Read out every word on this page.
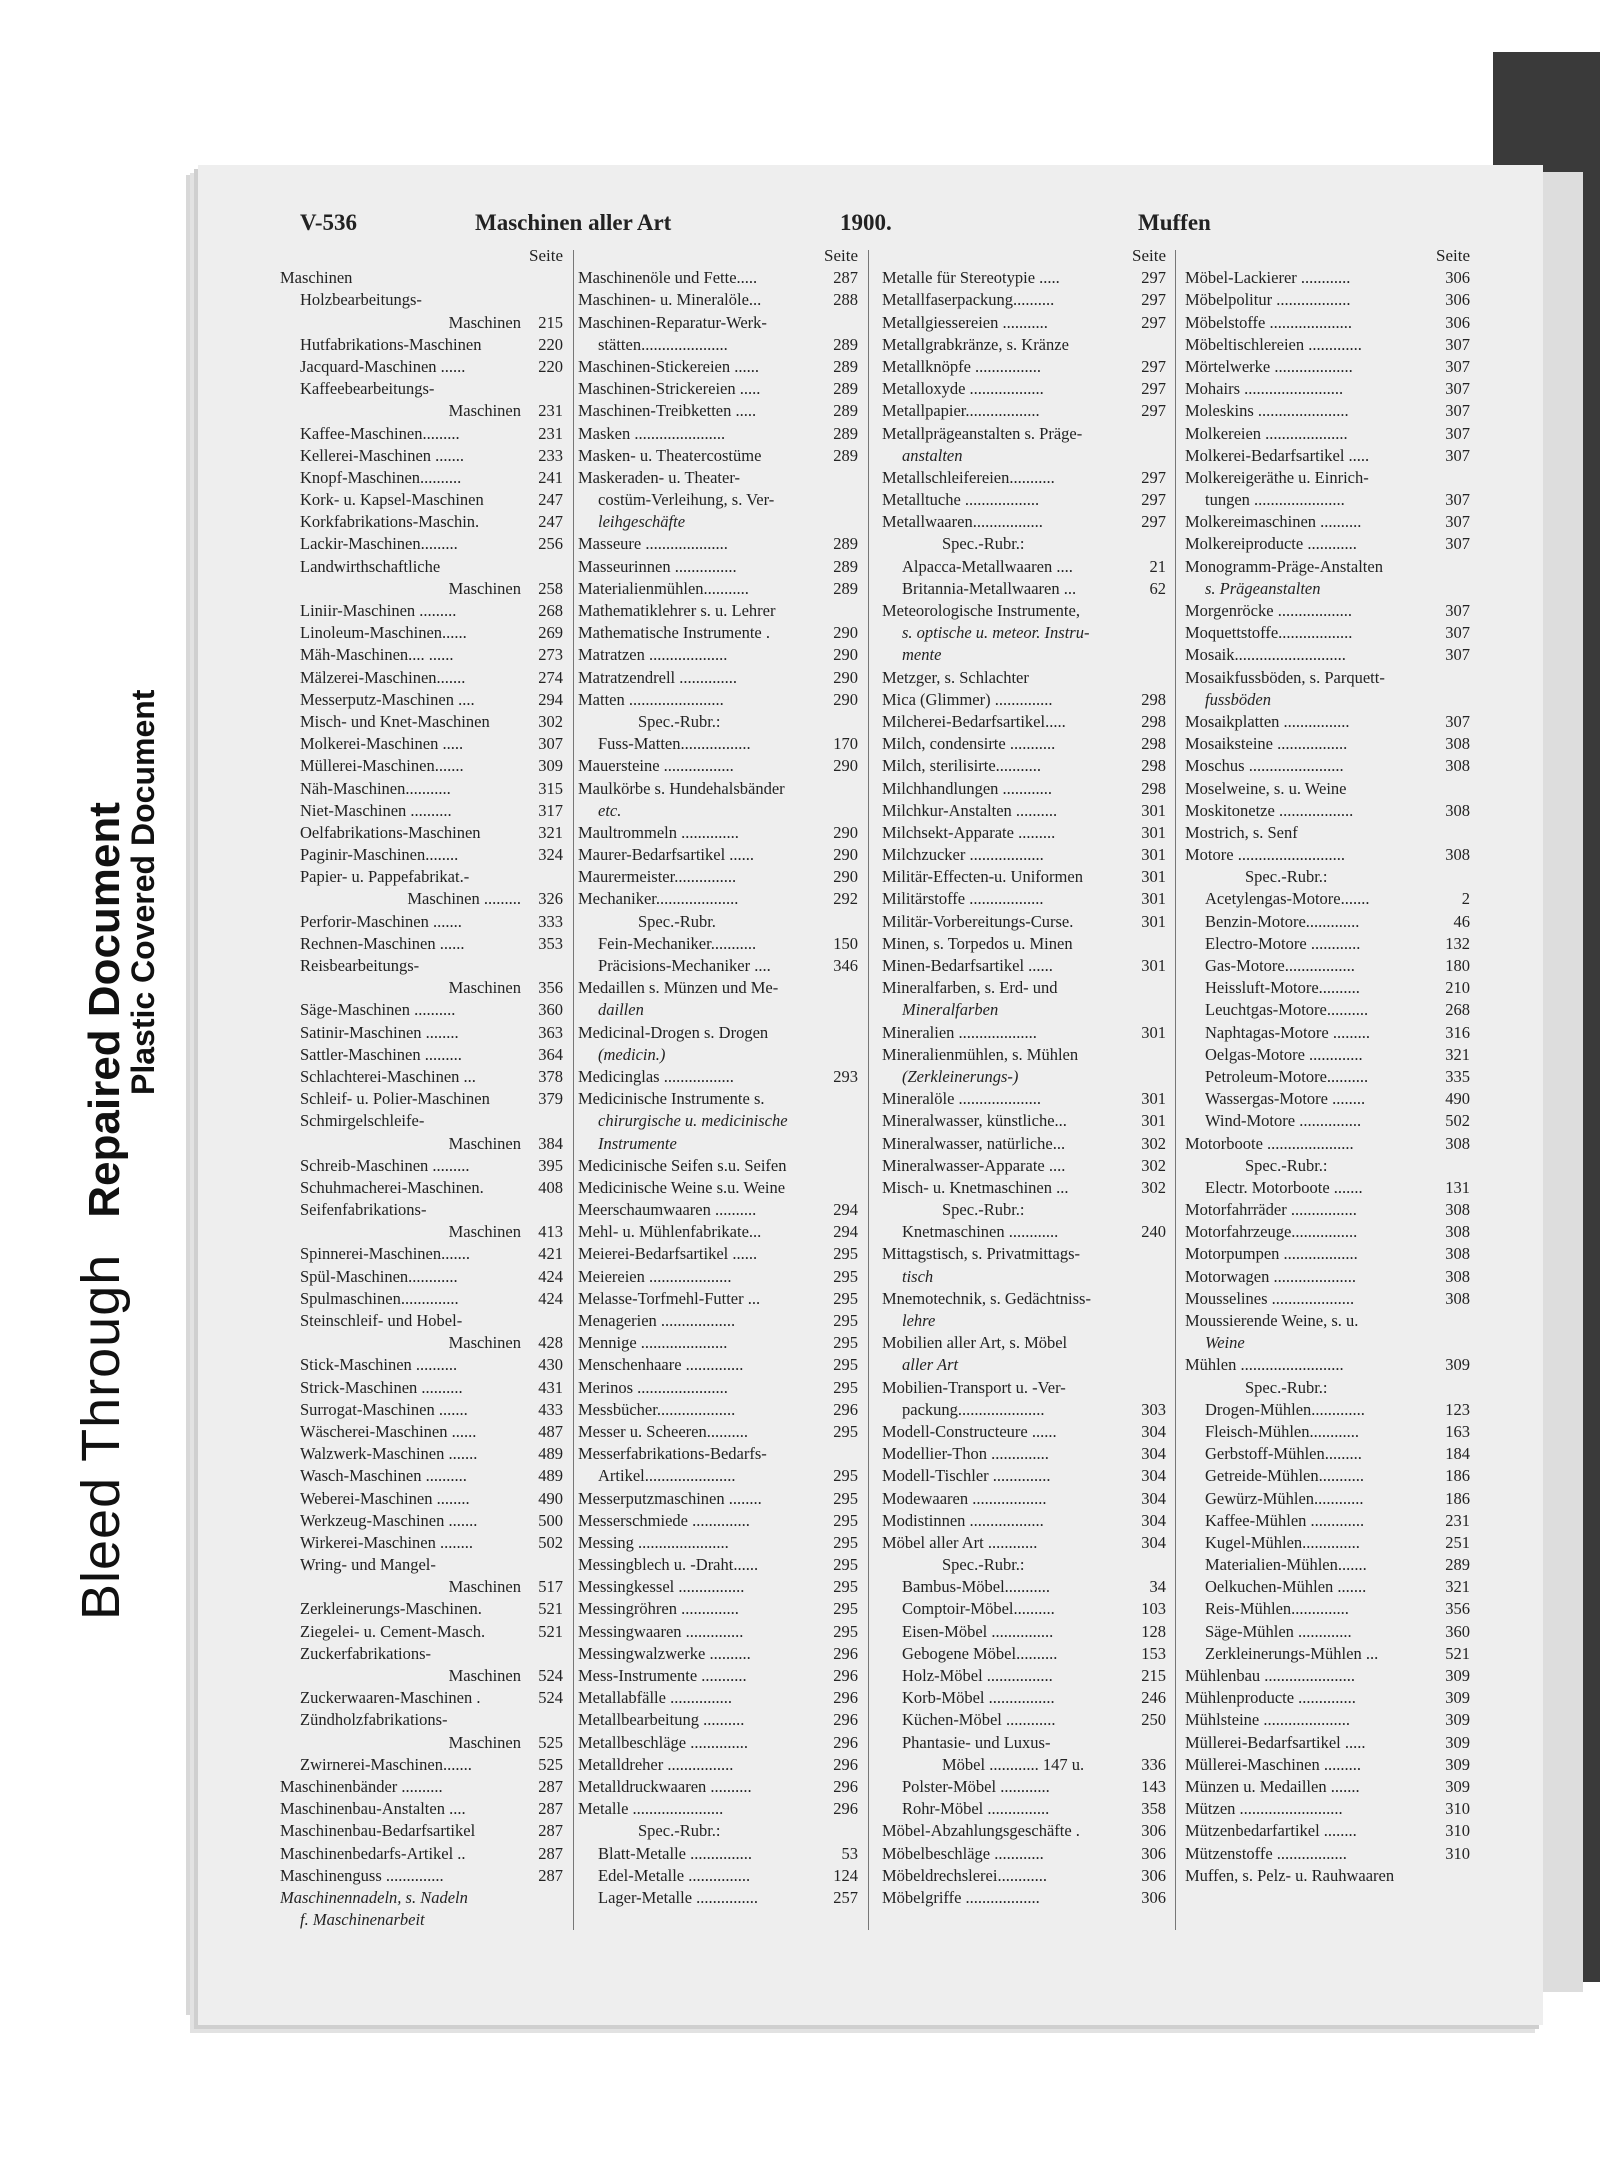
Bleed ThroughRepaired Document
Plastic Covered Document
V-536	Maschinen aller Art	1900.	Muffen
Seite
Maschinen
Holzbearbeitungs-
Maschinen 215
Hutfabrikations-Maschinen	220
Jacquard-Maschinen ......	220
Kaffeebearbeitungs-
Maschinen 231
Kaffee-Maschinen.........	231
Kellerei-Maschinen .......	233
Knopf-Maschinen..........	241
Kork- u. Kapsel-Maschinen	247
Korkfabrikations-Maschin.	247
Lackir-Maschinen.........	256
Landwirthschaftliche
Maschinen 258
Liniir-Maschinen .........	268
Linoleum-Maschinen......	269
Mäh-Maschinen.... ......	273
Mälzerei-Maschinen.......	274
Messerputz-Maschinen ....	294
Misch- und Knet-Maschinen	302
Molkerei-Maschinen .....	307
Müllerei-Maschinen.......	309
Näh-Maschinen...........	315
Niet-Maschinen ..........	317
Oelfabrikations-Maschinen	321
Paginir-Maschinen........	324
Papier- u. Pappefabrikat.-
Maschinen ......... 326
Perforir-Maschinen .......	333
Rechnen-Maschinen ......	353
Reisbearbeitungs-
Maschinen 356
Säge-Maschinen ..........	360
Satinir-Maschinen ........	363
Sattler-Maschinen .........	364
Schlachterei-Maschinen ...	378
Schleif- u. Polier-Maschinen	379
Schmirgelschleife-
Maschinen 384
Schreib-Maschinen .........	395
Schuhmacherei-Maschinen.	408
Seifenfabrikations-
Maschinen 413
Spinnerei-Maschinen.......	421
Spül-Maschinen............	424
Spulmaschinen..............	424
Steinschleif- und Hobel-
Maschinen 428
Stick-Maschinen ..........	430
Strick-Maschinen ..........	431
Surrogat-Maschinen .......	433
Wäscherei-Maschinen ......	487
Walzwerk-Maschinen .......	489
Wasch-Maschinen ..........	489
Weberei-Maschinen ........	490
Werkzeug-Maschinen .......	500
Wirkerei-Maschinen ........	502
Wring- und Mangel-
Maschinen 517
Zerkleinerungs-Maschinen.	521
Ziegelei- u. Cement-Masch.	521
Zuckerfabrikations-
Maschinen 524
Zuckerwaaren-Maschinen .	524
Zündholzfabrikations-
Maschinen 525
Zwirnerei-Maschinen.......	525
Maschinenbänder ..........	287
Maschinenbau-Anstalten ....	287
Maschinenbau-Bedarfsartikel	287
Maschinenbedarfs-Artikel ..	287
Maschinenguss ..............	287
Maschinennadeln, s. Nadeln
f. Maschinenarbeit
Seite
Maschinenöle und Fette.....	287
Maschinen- u. Mineralöle...	288
Maschinen-Reparatur-Werk-
stätten.....................	289
Maschinen-Stickereien ......	289
Maschinen-Strickereien .....	289
Maschinen-Treibketten .....	289
Masken ......................	289
Masken- u. Theatercostüme	289
Maskeraden- u. Theater-
costüm-Verleihung, s. Ver-
leihgeschäfte
Masseure ....................	289
Masseurinnen ...............	289
Materialienmühlen...........	289
Mathematiklehrer s. u. Lehrer
Mathematische Instrumente .	290
Matratzen ...................	290
Matratzendrell ..............	290
Matten .......................	290
Spec.-Rubr.:
Fuss-Matten.................	170
Mauersteine .................	290
Maulkörbe s. Hundehalsbänder
etc.
Maultrommeln ..............	290
Maurer-Bedarfsartikel ......	290
Maurermeister...............	290
Mechaniker....................	292
Spec.-Rubr.
Fein-Mechaniker...........	150
Präcisions-Mechaniker ....	346
Medaillen s. Münzen und Me-
daillen
Medicinal-Drogen s. Drogen
(medicin.)
Medicinglas .................	293
Medicinische Instrumente s.
chirurgische u. medicinische
Instrumente
Medicinische Seifen s.u. Seifen
Medicinische Weine s.u. Weine
Meerschaumwaaren ..........	294
Mehl- u. Mühlenfabrikate...	294
Meierei-Bedarfsartikel ......	295
Meiereien ....................	295
Melasse-Torfmehl-Futter ...	295
Menagerien ..................	295
Mennige .....................	295
Menschenhaare ..............	295
Merinos ......................	295
Messbücher...................	296
Messer u. Scheeren..........	295
Messerfabrikations-Bedarfs-
Artikel......................	295
Messerputzmaschinen ........	295
Messerschmiede ..............	295
Messing ......................	295
Messingblech u. -Draht......	295
Messingkessel ................	295
Messingröhren ..............	295
Messingwaaren ..............	295
Messingwalzwerke ..........	296
Mess-Instrumente ...........	296
Metallabfälle ...............	296
Metallbearbeitung ..........	296
Metallbeschläge ..............	296
Metalldreher ................	296
Metalldruckwaaren ..........	296
Metalle ......................	296
Spec.-Rubr.:
Blatt-Metalle ...............	53
Edel-Metalle ...............	124
Lager-Metalle ...............	257
Seite
Metalle für Stereotypie .....	297
Metallfaserpackung..........	297
Metallgiessereien ...........	297
Metallgrabkränze, s. Kränze
Metallknöpfe ................	297
Metalloxyde ..................	297
Metallpapier..................	297
Metallprägeanstalten s. Präge-
anstalten
Metallschleifereien...........	297
Metalltuche ..................	297
Metallwaaren.................	297
Spec.-Rubr.:
Alpacca-Metallwaaren ....	21
Britannia-Metallwaaren ...	62
Meteorologische Instrumente,
s. optische u. meteor. Instru-
mente
Metzger, s. Schlachter
Mica (Glimmer) ..............	298
Milcherei-Bedarfsartikel.....	298
Milch, condensirte ...........	298
Milch, sterilisirte...........	298
Milchhandlungen ............	298
Milchkur-Anstalten ..........	301
Milchsekt-Apparate .........	301
Milchzucker ..................	301
Militär-Effecten-u. Uniformen	301
Militärstoffe ..................	301
Militär-Vorbereitungs-Curse.	301
Minen, s. Torpedos u. Minen
Minen-Bedarfsartikel ......	301
Mineralfarben, s. Erd- und
Mineralfarben
Mineralien ...................	301
Mineralienmühlen, s. Mühlen
(Zerkleinerungs-)
Mineralöle ....................	301
Mineralwasser, künstliche...	301
Mineralwasser, natürliche...	302
Mineralwasser-Apparate ....	302
Misch- u. Knetmaschinen ...	302
Spec.-Rubr.:
Knetmaschinen ............	240
Mittagstisch, s. Privatmittags-
tisch
Mnemotechnik, s. Gedächtniss-
lehre
Mobilien aller Art, s. Möbel
aller Art
Mobilien-Transport u. -Ver-
packung.....................	303
Modell-Constructeure ......	304
Modellier-Thon ..............	304
Modell-Tischler ..............	304
Modewaaren ..................	304
Modistinnen ..................	304
Möbel aller Art ............	304
Spec.-Rubr.:
Bambus-Möbel...........	34
Comptoir-Möbel..........	103
Eisen-Möbel ...............	128
Gebogene Möbel..........	153
Holz-Möbel ................	215
Korb-Möbel ................	246
Küchen-Möbel ............	250
Phantasie- und Luxus-
Möbel ............ 147 u.	336
Polster-Möbel ............	143
Rohr-Möbel ...............	358
Möbel-Abzahlungsgeschäfte .	306
Möbelbeschläge ............	306
Möbeldrechslerei............	306
Möbelgriffe ..................	306
Seite
Möbel-Lackierer ............	306
Möbelpolitur ..................	306
Möbelstoffe ....................	306
Möbeltischlereien .............	307
Mörtelwerke ...................	307
Mohairs ........................	307
Moleskins ......................	307
Molkereien ....................	307
Molkerei-Bedarfsartikel .....	307
Molkereigeräthe u. Einrich-
tungen ......................	307
Molkereimaschinen ..........	307
Molkereiproducte ............	307
Monogramm-Präge-Anstalten
s. Prägeanstalten
Morgenröcke ..................	307
Moquettstoffe..................	307
Mosaik...........................	307
Mosaikfussböden, s. Parquett-
fussböden
Mosaikplatten ................	307
Mosaiksteine .................	308
Moschus .......................	308
Moselweine, s. u. Weine
Moskitonetze ..................	308
Mostrich, s. Senf
Motore ..........................	308
Spec.-Rubr.:
Acetylengas-Motore.......	2
Benzin-Motore.............	46
Electro-Motore ............	132
Gas-Motore.................	180
Heissluft-Motore..........	210
Leuchtgas-Motore..........	268
Naphtagas-Motore .........	316
Oelgas-Motore .............	321
Petroleum-Motore..........	335
Wassergas-Motore ........	490
Wind-Motore ...............	502
Motorboote .....................	308
Spec.-Rubr.:
Electr. Motorboote .......	131
Motorfahrräder ................	308
Motorfahrzeuge................	308
Motorpumpen ..................	308
Motorwagen ....................	308
Mousselines ....................	308
Moussierende Weine, s. u.
Weine
Mühlen .........................	309
Spec.-Rubr.:
Drogen-Mühlen.............	123
Fleisch-Mühlen............	163
Gerbstoff-Mühlen.........	184
Getreide-Mühlen...........	186
Gewürz-Mühlen............	186
Kaffee-Mühlen .............	231
Kugel-Mühlen..............	251
Materialien-Mühlen.......	289
Oelkuchen-Mühlen .......	321
Reis-Mühlen..............	356
Säge-Mühlen .............	360
Zerkleinerungs-Mühlen ...	521
Mühlenbau ......................	309
Mühlenproducte ..............	309
Mühlsteine .....................	309
Müllerei-Bedarfsartikel .....	309
Müllerei-Maschinen .........	309
Münzen u. Medaillen .......	309
Mützen .........................	310
Mützenbedarfartikel ........	310
Mützenstoffe .................	310
Muffen, s. Pelz- u. Rauhwaaren
